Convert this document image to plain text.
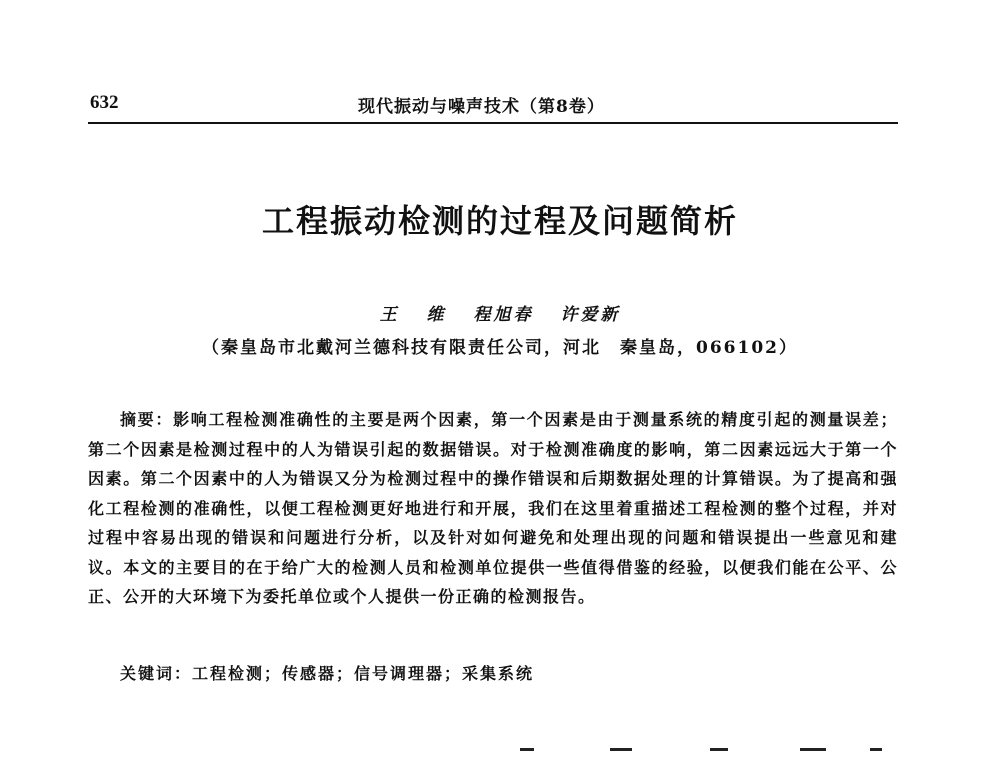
632	现代振动与噪声技术（第8卷）
工程振动检测的过程及问题简析
王 维 程旭春 许爱新
（秦皇岛市北戴河兰德科技有限责任公司，河北　秦皇岛，066102）
摘要：影响工程检测准确性的主要是两个因素，第一个因素是由于测量系统的精度引起的测量误差；第二个因素是检测过程中的人为错误引起的数据错误。对于检测准确度的影响，第二因素远远大于第一个因素。第二个因素中的人为错误又分为检测过程中的操作错误和后期数据处理的计算错误。为了提高和强化工程检测的准确性，以便工程检测更好地进行和开展，我们在这里着重描述工程检测的整个过程，并对过程中容易出现的错误和问题进行分析，以及针对如何避免和处理出现的问题和错误提出一些意见和建议。本文的主要目的在于给广大的检测人员和检测单位提供一些值得借鉴的经验，以便我们能在公平、公正、公开的大环境下为委托单位或个人提供一份正确的检测报告。
关键词：工程检测；传感器；信号调理器；采集系统
